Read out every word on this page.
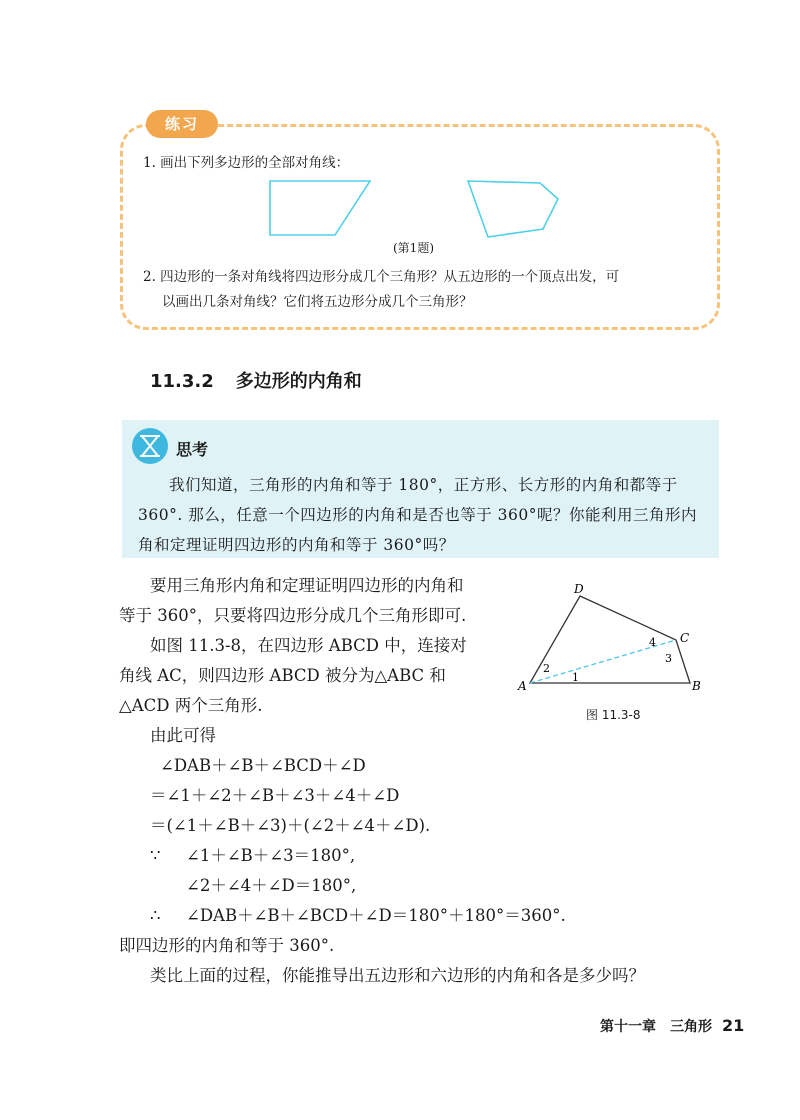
练习
1. 画出下列多边形的全部对角线：
(第1题)
2. 四边形的一条对角线将四边形分成几个三角形？从五边形的一个顶点出发，可
以画出几条对角线？它们将五边形分成几个三角形？
11.3.2 多边形的内角和
思考
我们知道，三角形的内角和等于 180°，正方形、长方形的内角和都等于 360°. 那么，任意一个四边形的内角和是否也等于 360°呢？你能利用三角形内角和定理证明四边形的内角和等于 360°吗？
要用三角形内角和定理证明四边形的内角和
等于 360°，只要将四边形分成几个三角形即可.
如图 11.3-8，在四边形 ABCD 中，连接对
角线 AC，则四边形 ABCD 被分为△ABC 和
△ACD 两个三角形.
由此可得
∠DAB＋∠B＋∠BCD＋∠D
＝∠1＋∠2＋∠B＋∠3＋∠4＋∠D
＝(∠1＋∠B＋∠3)＋(∠2＋∠4＋∠D).
∵ ∠1＋∠B＋∠3＝180°,
∠2＋∠4＋∠D＝180°,
∴ ∠DAB＋∠B＋∠BCD＋∠D＝180°＋180°＝360°.
即四边形的内角和等于 360°.
类比上面的过程，你能推导出五边形和六边形的内角和各是多少吗？
A	B
C
D
1
2
3
4
图 11.3-8
第十一章　三角形 21
